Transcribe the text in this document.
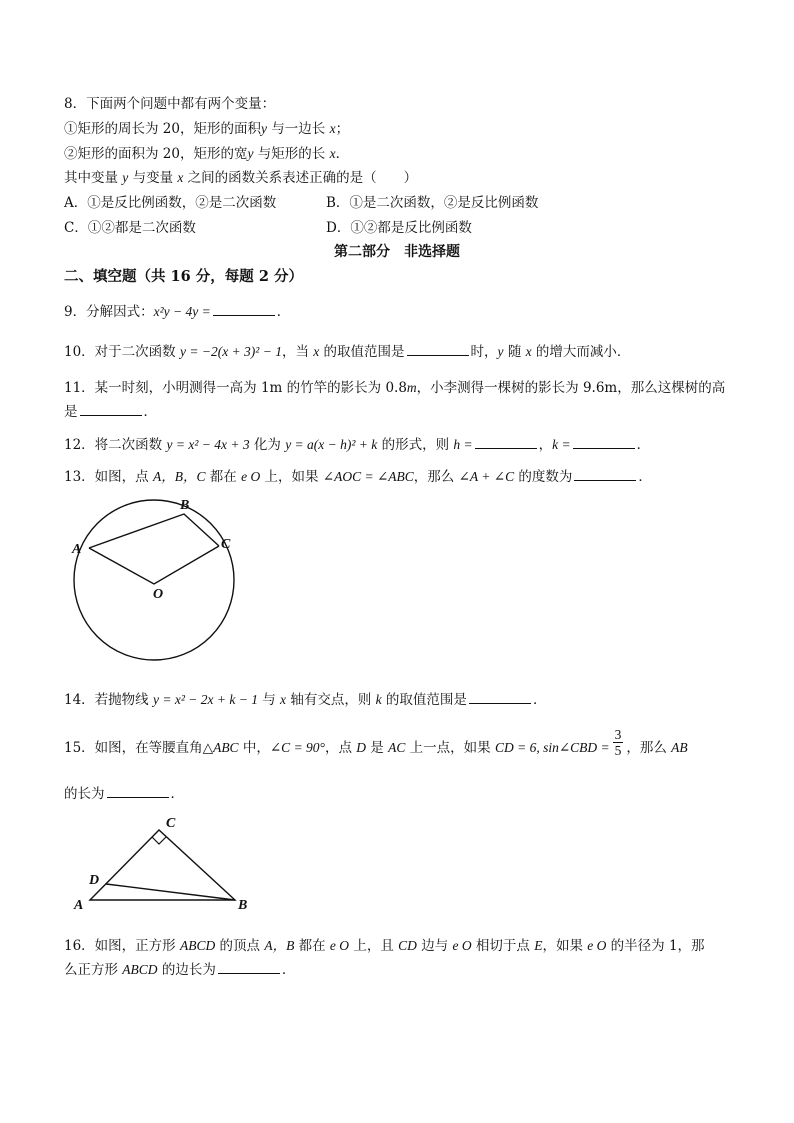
8．下面两个问题中都有两个变量：
①矩形的周长为 20，矩形的面积y 与一边长 x；
②矩形的面积为 20，矩形的宽y 与矩形的长 x．
其中变量 y 与变量 x 之间的函数关系表述正确的是（　　）
A．①是反比例函数，②是二次函数	B．①是二次函数，②是反比例函数
C．①②都是二次函数	D．①②都是反比例函数
第二部分　非选择题
二、填空题（共 16 分，每题 2 分）
9．分解因式：x²y − 4y =	．
10．对于二次函数 y = −2(x + 3)² − 1，当 x 的取值范围是	时，y 随 x 的增大而减小．
11．某一时刻，小明测得一高为 1m 的竹竿的影长为 0.8m，小李测得一棵树的影长为 9.6m，那么这棵树的高
是	．
12．将二次函数 y = x² − 4x + 3 化为 y = a(x − h)² + k 的形式，则 h =	，k =	．
13．如图，点 A，B，C 都在 e O 上，如果 ∠AOC = ∠ABC，那么 ∠A + ∠C 的度数为	．
A
B
C
O
14．若抛物线 y = x² − 2x + k − 1 与 x 轴有交点，则 k 的取值范围是	．
15．如图，在等腰直角△ABC 中，∠C = 90°，点 D 是 AC 上一点，如果 CD = 6, sin∠CBD = $\frac{3}{5}$ ，那么 AB
的长为	．
C
D
A	B
16．如图，正方形 ABCD 的顶点 A，B 都在 e O 上，且 CD 边与 e O 相切于点 E，如果 e O 的半径为 1，那
么正方形 ABCD 的边长为	．
